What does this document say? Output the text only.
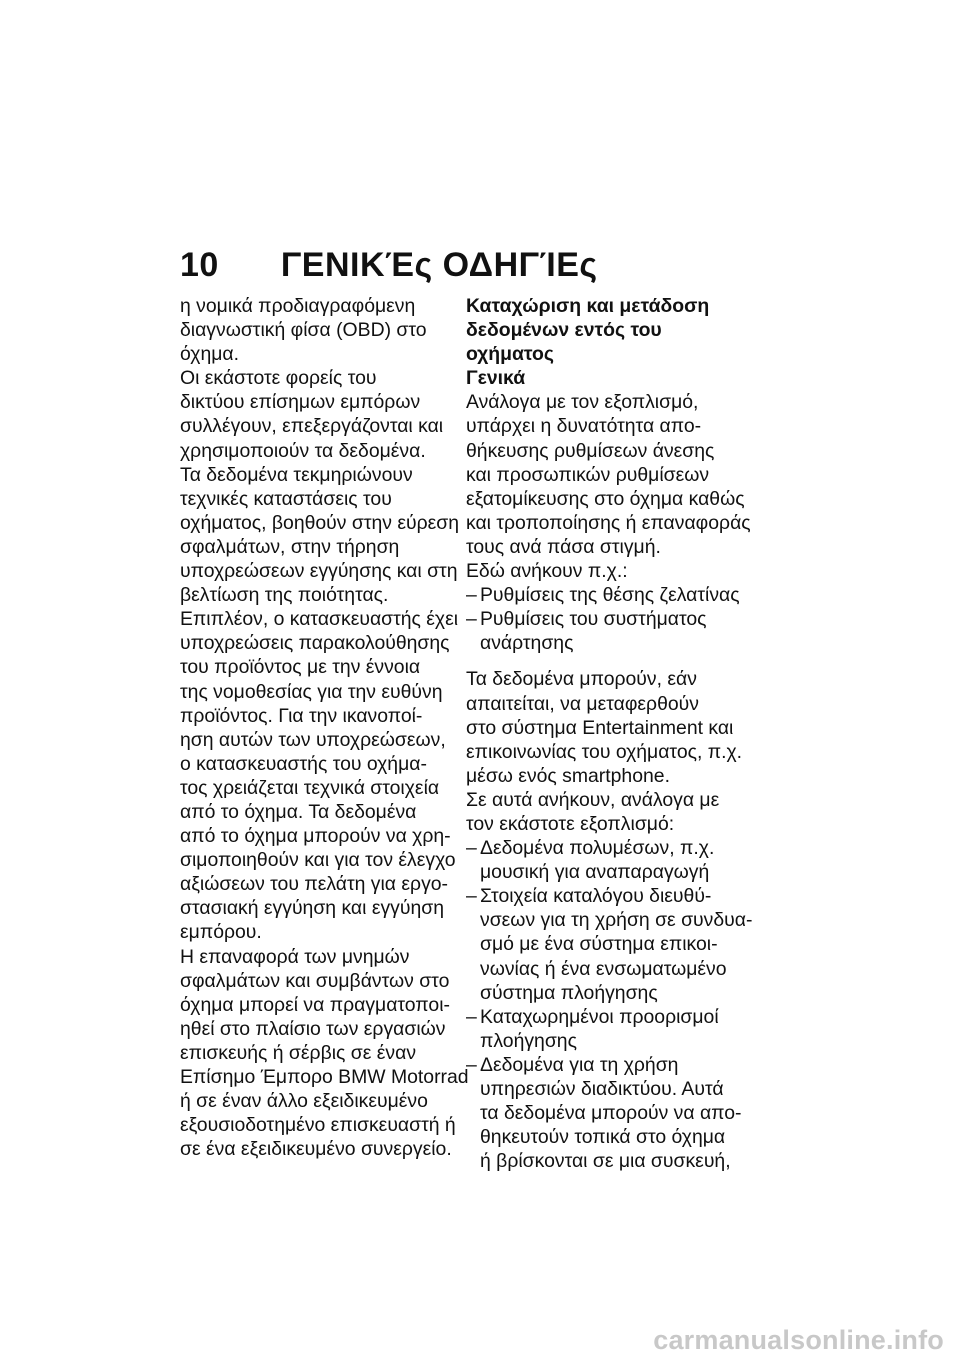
10 ΓΕΝΙΚΈς ΟΔΗΓΊΕς

η νομικά προδιαγραφόμενη

διαγνωστική φίσα (OBD) στο

όχημα.

Οι εκάστοτε φορείς του

δικτύου επίσημων εμπόρων

συλλέγουν, επεξεργάζονται και

χρησιμοποιούν τα δεδομένα.

Τα δεδομένα τεκμηριώνουν

τεχνικές καταστάσεις του

οχήματος, βοηθούν στην εύρεση

σφαλμάτων, στην τήρηση

υποχρεώσεων εγγύησης και στη

βελτίωση της ποιότητας.

Επιπλέον, ο κατασκευαστής έχει

υποχρεώσεις παρακολούθησης

του προϊόντος με την έννοια

της νομοθεσίας για την ευθύνη

προϊόντος. Για την ικανοποί-

ηση αυτών των υποχρεώσεων,

ο κατασκευαστής του οχήμα-

τος χρειάζεται τεχνικά στοιχεία

από το όχημα. Τα δεδομένα

από το όχημα μπορούν να χρη-

σιμοποιηθούν και για τον έλεγχο

αξιώσεων του πελάτη για εργο-

στασιακή εγγύηση και εγγύηση

εμπόρου.

Η επαναφορά των μνημών

σφαλμάτων και συμβάντων στο

όχημα μπορεί να πραγματοποι-

ηθεί στο πλαίσιο των εργασιών

επισκευής ή σέρβις σε έναν

Επίσημο Έμπορο BMW Motorrad

ή σε έναν άλλο εξειδικευμένο

εξουσιοδοτημένο επισκευαστή ή

σε ένα εξειδικευμένο συνεργείο.

Καταχώριση και μετάδοση
δεδομένων εντός του
οχήματος
Γενικά

Ανάλογα με τον εξοπλισμό,

υπάρχει η δυνατότητα απο-

θήκευσης ρυθμίσεων άνεσης

και προσωπικών ρυθμίσεων

εξατομίκευσης στο όχημα καθώς

και τροποποίησης ή επαναφοράς

τους ανά πάσα στιγμή.

Εδώ ανήκουν π.χ.:

– Ρυθμίσεις της θέσης ζελατίνας
– Ρυθμίσεις του συστήματος
ανάρτησης

Τα δεδομένα μπορούν, εάν

απαιτείται, να μεταφερθούν

στο σύστημα Entertainment και

επικοινωνίας του οχήματος, π.χ.

μέσω ενός smartphone.

Σε αυτά ανήκουν, ανάλογα με

τον εκάστοτε εξοπλισμό:

– Δεδομένα πολυμέσων, π.χ.
μουσική για αναπαραγωγή
– Στοιχεία καταλόγου διευθύ-
νσεων για τη χρήση σε συνδυα-
σμό με ένα σύστημα επικοι-
νωνίας ή ένα ενσωματωμένο
σύστημα πλοήγησης
– Καταχωρημένοι προορισμοί
πλοήγησης
– Δεδομένα για τη χρήση
υπηρεσιών διαδικτύου. Αυτά
τα δεδομένα μπορούν να απο-
θηκευτούν τοπικά στο όχημα
ή βρίσκονται σε μια συσκευή,
carmanualsonline.info
